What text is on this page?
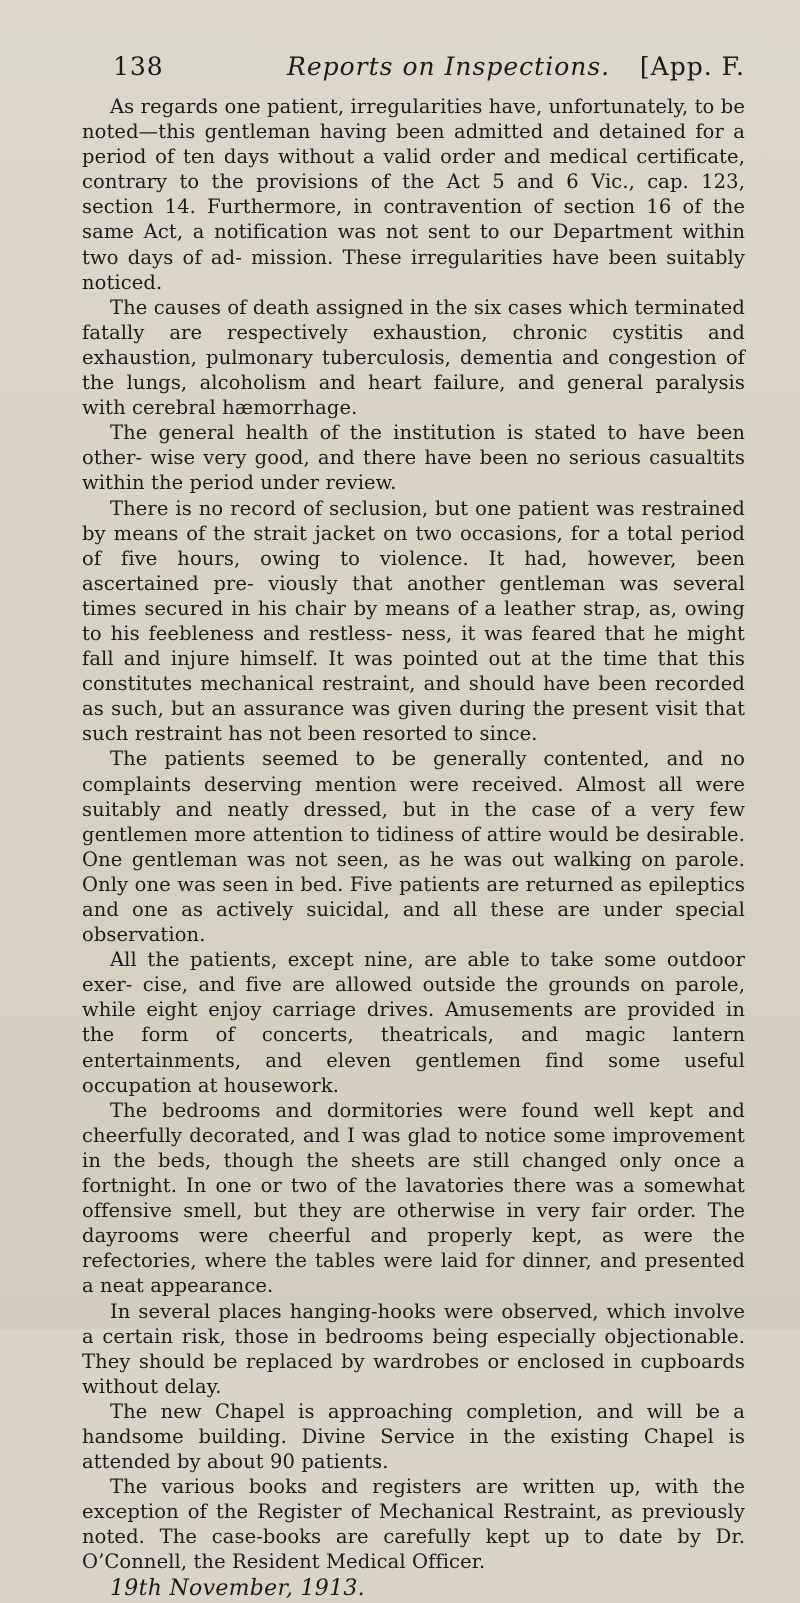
138	Reports on Inspections. [App. F.

As regards one patient, irregularities have, unfortunately, to be noted—this gentleman having been admitted and detained for a period of ten days without a valid order and medical certificate, contrary to the provisions of the Act 5 and 6 Vic., cap. 123, section 14. Furthermore, in contravention of section 16 of the same Act, a notification was not sent to our Department within two days of ad- mission. These irregularities have been suitably noticed.

The causes of death assigned in the six cases which terminated fatally are respectively exhaustion, chronic cystitis and exhaustion, pulmonary tuberculosis, dementia and congestion of the lungs, alcoholism and heart failure, and general paralysis with cerebral hæmorrhage.

The general health of the institution is stated to have been other- wise very good, and there have been no serious casualtits within the period under review.

There is no record of seclusion, but one patient was restrained by means of the strait jacket on two occasions, for a total period of five hours, owing to violence. It had, however, been ascertained pre- viously that another gentleman was several times secured in his chair by means of a leather strap, as, owing to his feebleness and restless- ness, it was feared that he might fall and injure himself. It was pointed out at the time that this constitutes mechanical restraint, and should have been recorded as such, but an assurance was given during the present visit that such restraint has not been resorted to since.

The patients seemed to be generally contented, and no complaints deserving mention were received. Almost all were suitably and neatly dressed, but in the case of a very few gentlemen more attention to tidiness of attire would be desirable. One gentleman was not seen, as he was out walking on parole. Only one was seen in bed. Five patients are returned as epileptics and one as actively suicidal, and all these are under special observation.

All the patients, except nine, are able to take some outdoor exer- cise, and five are allowed outside the grounds on parole, while eight enjoy carriage drives. Amusements are provided in the form of concerts, theatricals, and magic lantern entertainments, and eleven gentlemen find some useful occupation at housework.

The bedrooms and dormitories were found well kept and cheerfully decorated, and I was glad to notice some improvement in the beds, though the sheets are still changed only once a fortnight. In one or two of the lavatories there was a somewhat offensive smell, but they are otherwise in very fair order. The dayrooms were cheerful and properly kept, as were the refectories, where the tables were laid for dinner, and presented a neat appearance.

In several places hanging-hooks were observed, which involve a certain risk, those in bedrooms being especially objectionable. They should be replaced by wardrobes or enclosed in cupboards without delay.

The new Chapel is approaching completion, and will be a handsome building. Divine Service in the existing Chapel is attended by about 90 patients.

The various books and registers are written up, with the exception of the Register of Mechanical Restraint, as previously noted. The case-books are carefully kept up to date by Dr. O’Connell, the Resident Medical Officer.

19th November, 1913.
